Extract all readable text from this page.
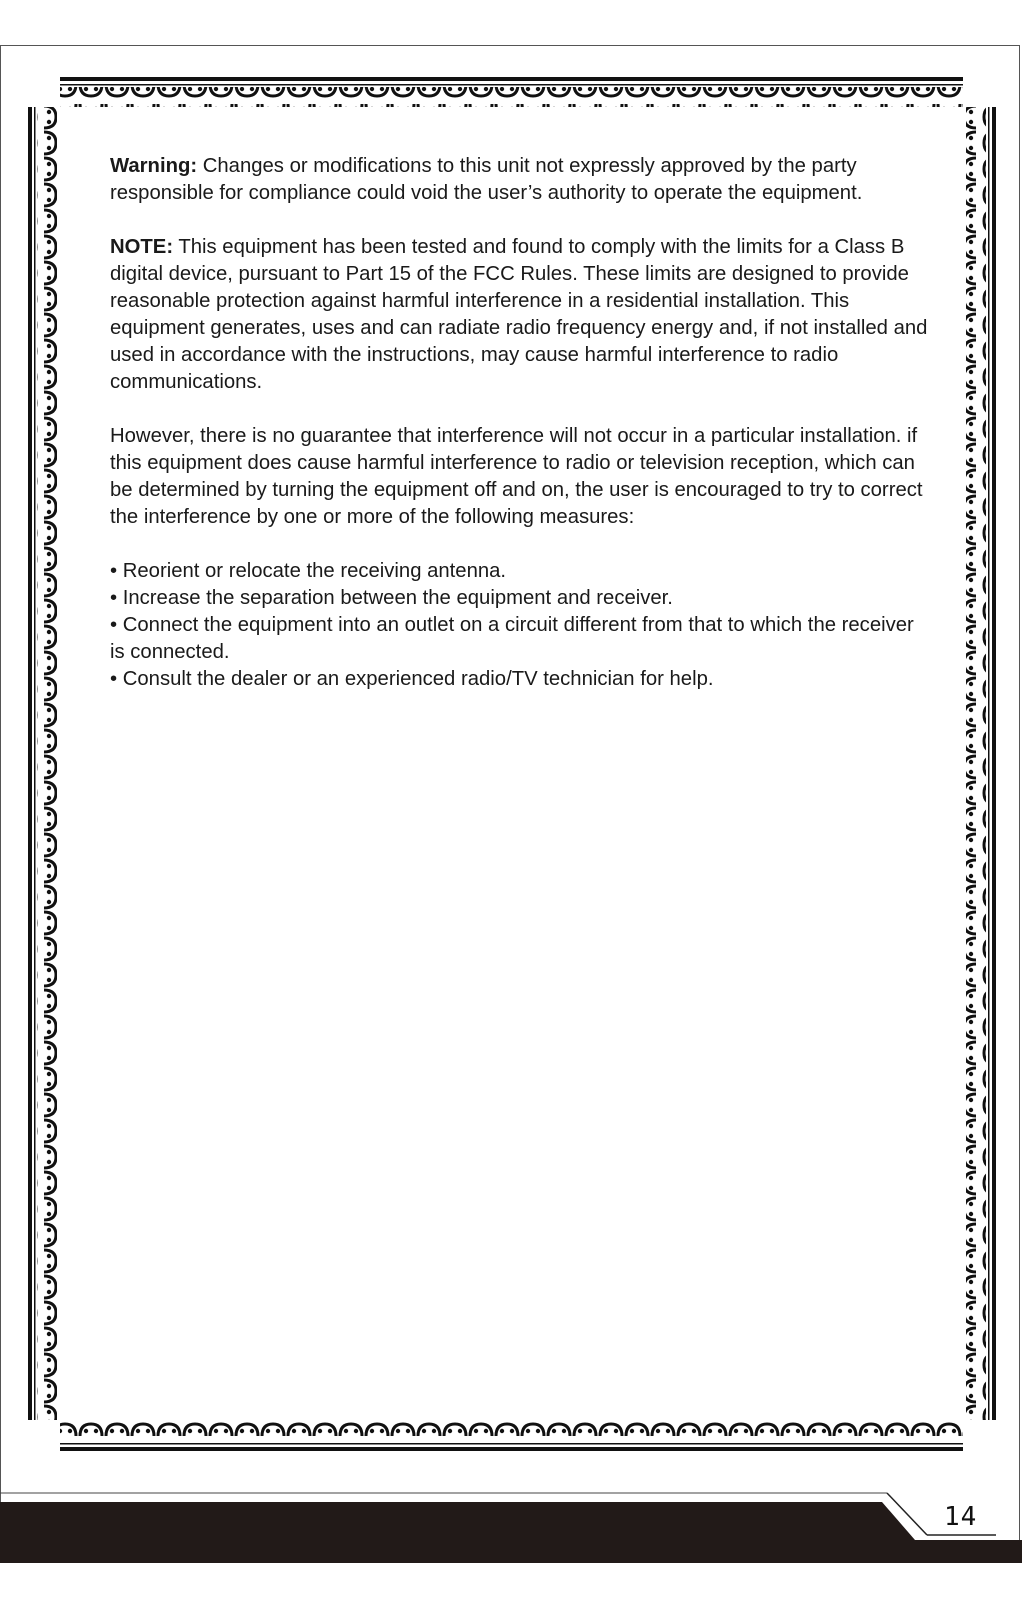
Warning: Changes or modifications to this unit not expressly approved by the party responsible for compliance could void the user’s authority to operate the equipment.

NOTE: This equipment has been tested and found to comply with the limits for a Class B digital device, pursuant to Part 15 of the FCC Rules. These limits are designed to provide reasonable protection against harmful interference in a residential installation. This equipment generates, uses and can radiate radio frequency energy and, if not installed and used in accordance with the instructions, may cause harmful interference to radio communications.

However, there is no guarantee that interference will not occur in a particular installation. if this equipment does cause harmful interference to radio or television reception, which can be determined by turning the equipment off and on, the user is encouraged to try to correct the interference by one or more of the following measures:

• Reorient or relocate the receiving antenna.
• Increase the separation between the equipment and receiver.
• Connect the equipment into an outlet on a circuit different from that to which the receiver is connected.
• Consult the dealer or an experienced radio/TV technician for help.
14
